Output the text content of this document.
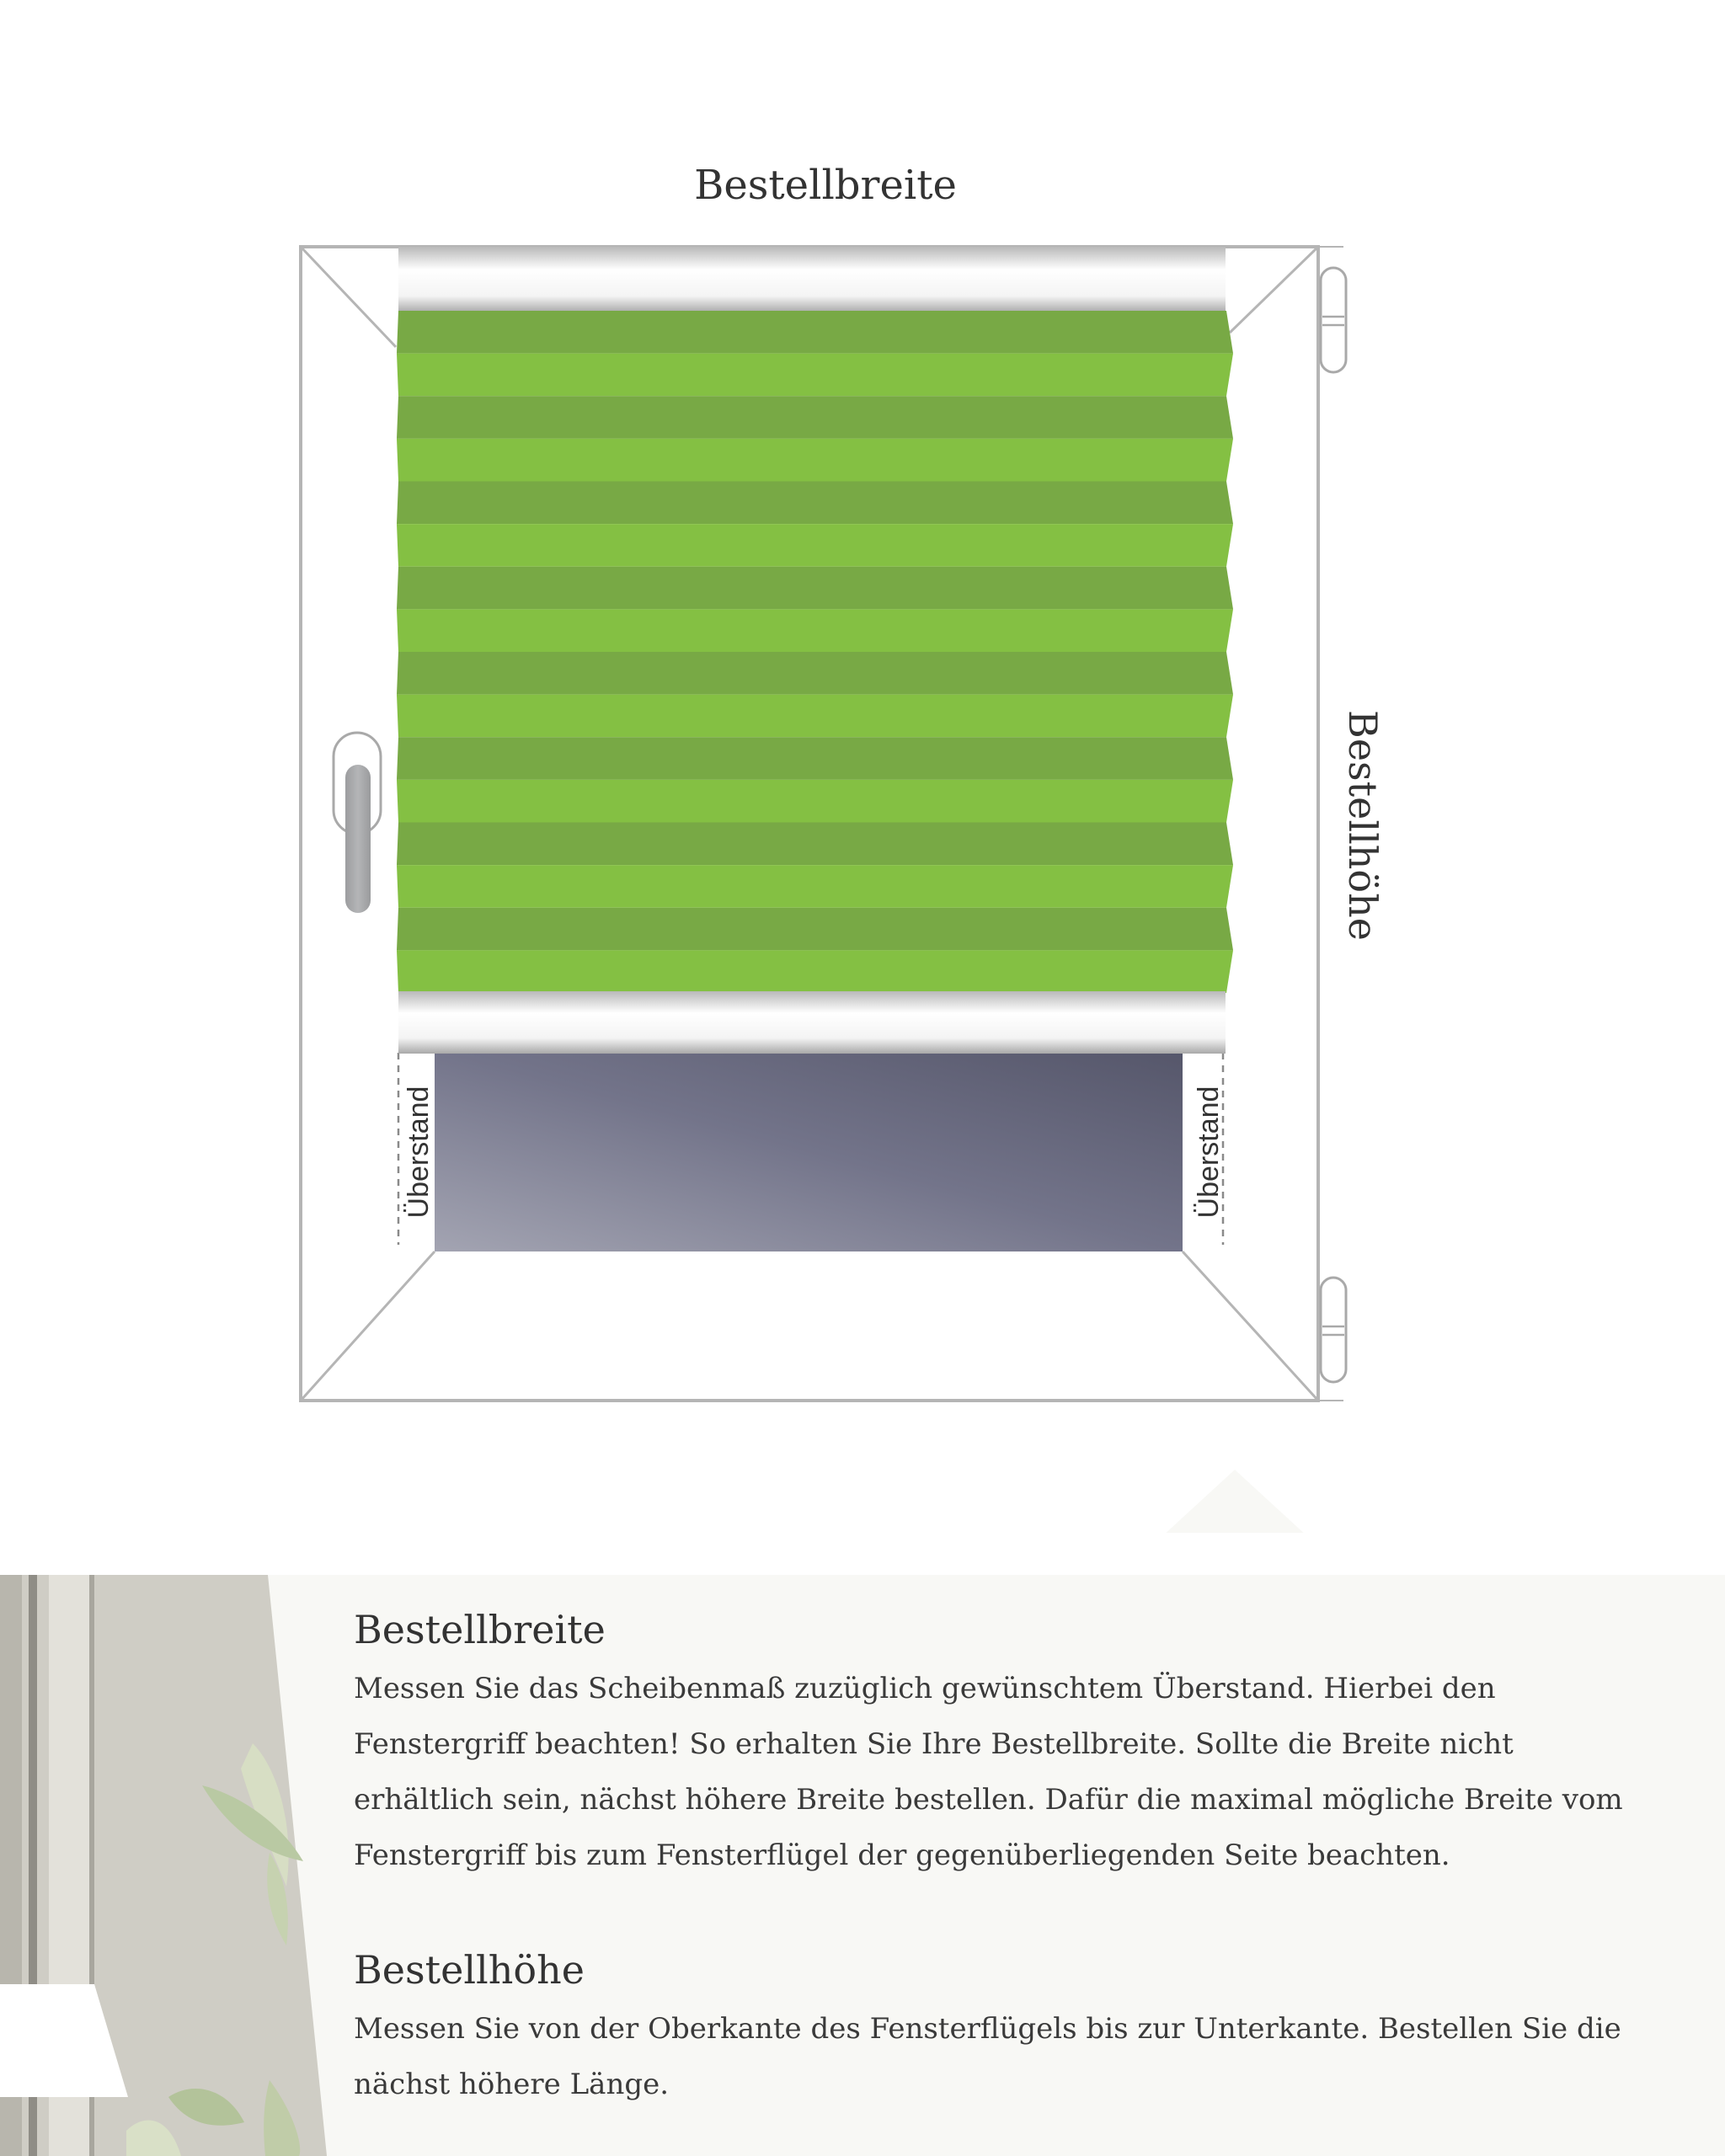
Bestellbreite
Überstand	Überstand
Bestellhöhe
Bestellbreite

Messen Sie das Scheibenmaß zuzüglich gewünschtem Überstand. Hierbei den Fenstergriff beachten! So erhalten Sie Ihre Bestellbreite. Sollte die Breite nicht erhältlich sein, nächst höhere Breite bestellen. Dafür die maximal mögliche Breite vom Fenstergriff bis zum Fensterflügel der gegenüberliegenden Seite beachten.

Bestellhöhe

Messen Sie von der Oberkante des Fensterflügels bis zur Unterkante. Bestellen Sie die nächst höhere Länge.
